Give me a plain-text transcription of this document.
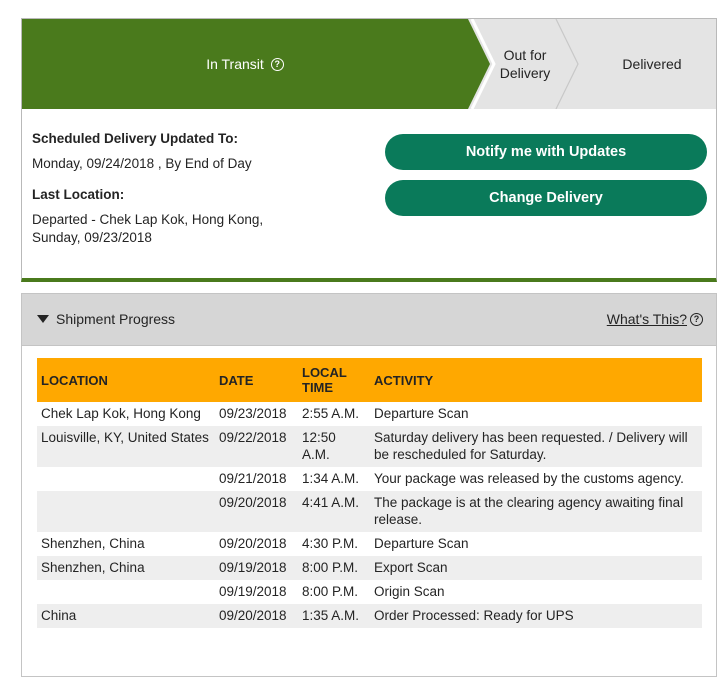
In Transit	?
Out for
Delivery
Delivered
Scheduled Delivery Updated To:
Monday, 09/24/2018 , By End of Day
Last Location:
Departed - Chek Lap Kok, Hong Kong,
Sunday, 09/23/2018
Notify me with Updates
Change Delivery
Shipment Progress	What's This? ?
LOCATION	DATE	LOCAL TIME	ACTIVITY
Chek Lap Kok, Hong Kong	09/23/2018	2:55 A.M.	Departure Scan
Louisville, KY, United States	09/22/2018	12:50 A.M.	Saturday delivery has been requested. / Delivery will be rescheduled for Saturday.
	09/21/2018	1:34 A.M.	Your package was released by the customs agency.
	09/20/2018	4:41 A.M.	The package is at the clearing agency awaiting final release.
Shenzhen, China	09/20/2018	4:30 P.M.	Departure Scan
Shenzhen, China	09/19/2018	8:00 P.M.	Export Scan
	09/19/2018	8:00 P.M.	Origin Scan
China	09/20/2018	1:35 A.M.	Order Processed: Ready for UPS
